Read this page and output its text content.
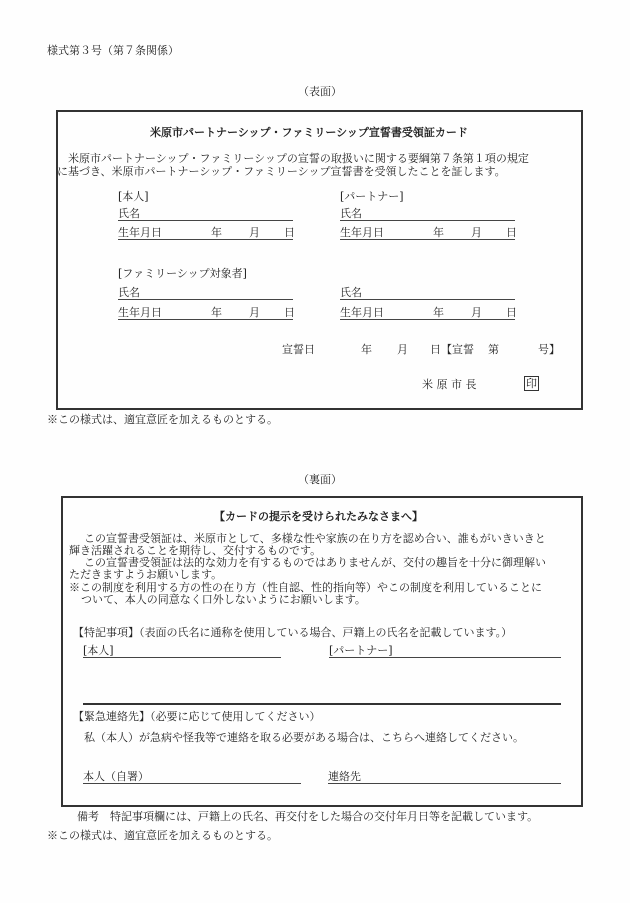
様式第３号（第７条関係）
（表面）
米原市パートナーシップ・ファミリーシップ宣誓書受領証カード
米原市パートナーシップ・ファミリーシップの宣誓の取扱いに関する要綱第７条第１項の規定
に基づき、米原市パートナーシップ・ファミリーシップ宣誓書を受領したことを証します。
[本人]
氏名
生年月日	年 月 日
[パートナー]
氏名
生年月日	年 月 日
[ファミリーシップ対象者]
氏名
生年月日	年 月 日
氏名
生年月日	年 月 日
宣誓日	年 月 日 【宣誓 第	号】
米 原 市 長	印
※この様式は、適宜意匠を加えるものとする。
（裏面）
【カードの提示を受けられたみなさまへ】
この宣誓書受領証は、米原市として、多様な性や家族の在り方を認め合い、誰もがいきいきと
輝き活躍されることを期待し、交付するものです。
この宣誓書受領証は法的な効力を有するものではありませんが、交付の趣旨を十分に御理解い
ただきますようお願いします。
※この制度を利用する方の性の在り方（性自認、性的指向等）やこの制度を利用していることに
ついて、本人の同意なく口外しないようにお願いします。
【特記事項】（表面の氏名に通称を使用している場合、戸籍上の氏名を記載しています。）
[本人]	[パートナー]
【緊急連絡先】（必要に応じて使用してください）
私（本人）が急病や怪我等で連絡を取る必要がある場合は、こちらへ連絡してください。
本人（自署）	連絡先
備考　特記事項欄には、戸籍上の氏名、再交付をした場合の交付年月日等を記載しています。
※この様式は、適宜意匠を加えるものとする。
